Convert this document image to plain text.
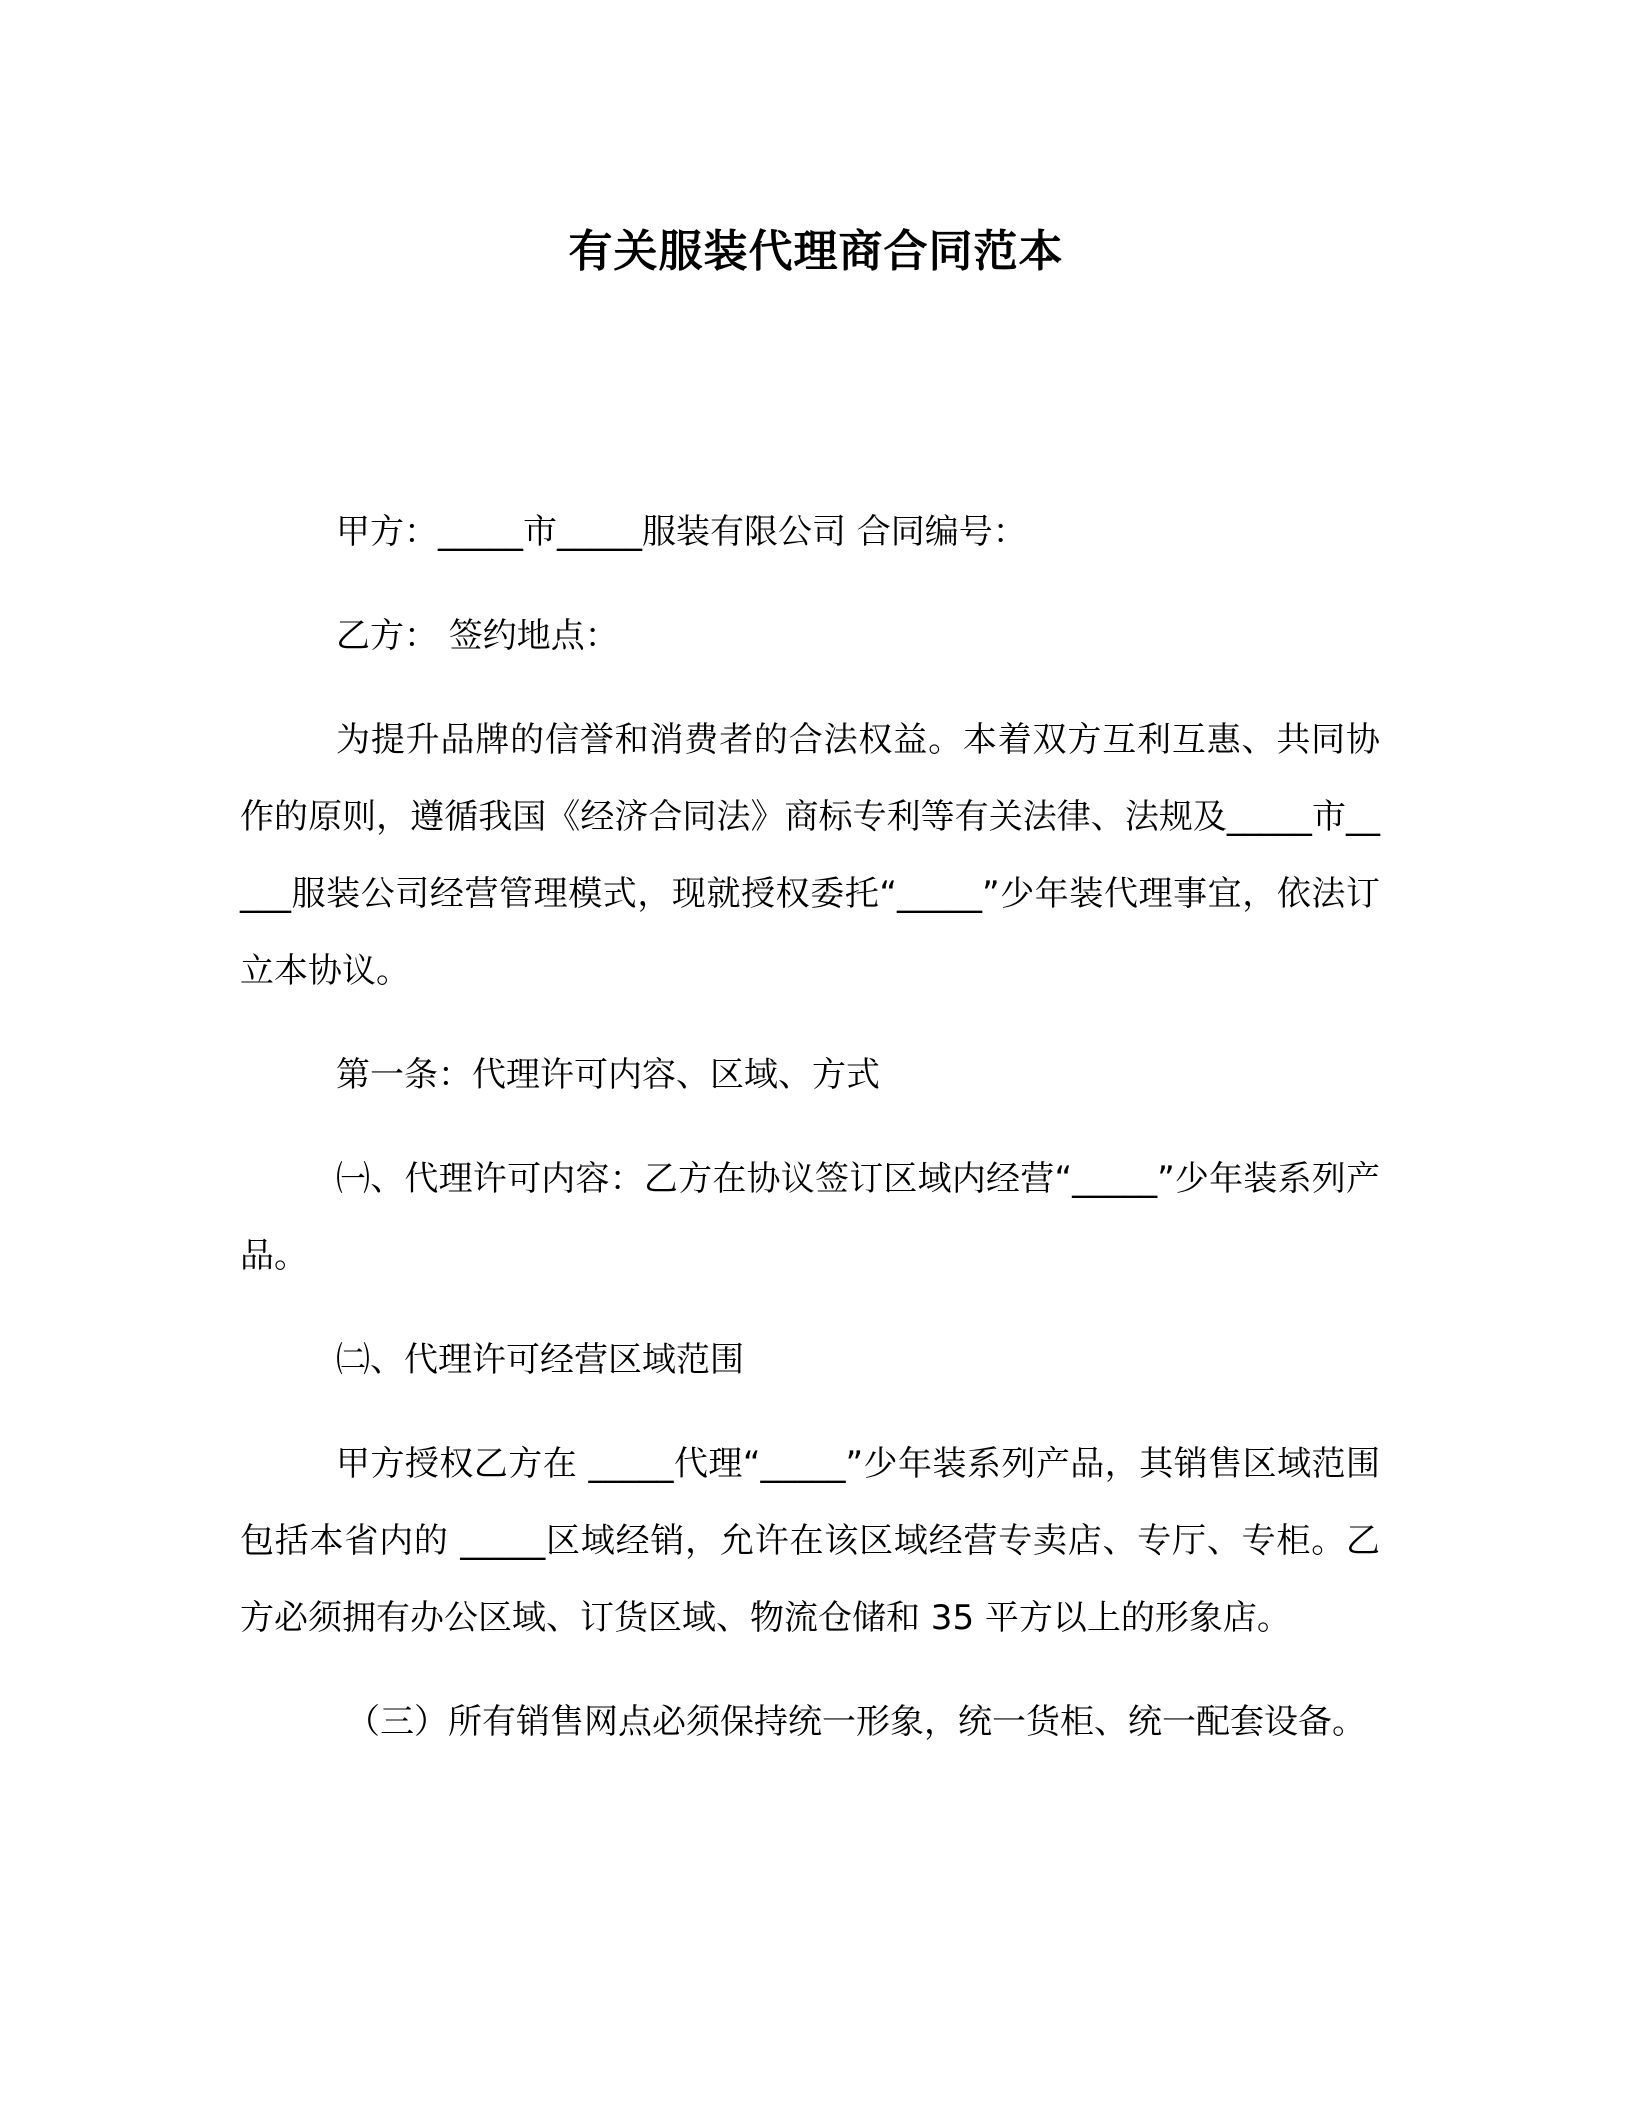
有关服装代理商合同范本

甲方：_____市_____服装有限公司 合同编号：

乙方： 签约地点：

为提升品牌的信誉和消费者的合法权益。本着双方互利互惠、共同协作的原则，遵循我国《经济合同法》商标专利等有关法律、法规及_____市_____服装公司经营管理模式，现就授权委托“_____”少年装代理事宜，依法订立本协议。

第一条：代理许可内容、区域、方式

㈠、代理许可内容：乙方在协议签订区域内经营“_____”少年装系列产品。

㈡、代理许可经营区域范围

甲方授权乙方在 _____代理“_____”少年装系列产品，其销售区域范围包括本省内的 _____区域经销，允许在该区域经营专卖店、专厅、专柜。乙方必须拥有办公区域、订货区域、物流仓储和 35 平方以上的形象店。

（三）所有销售网点必须保持统一形象，统一货柜、统一配套设备。
